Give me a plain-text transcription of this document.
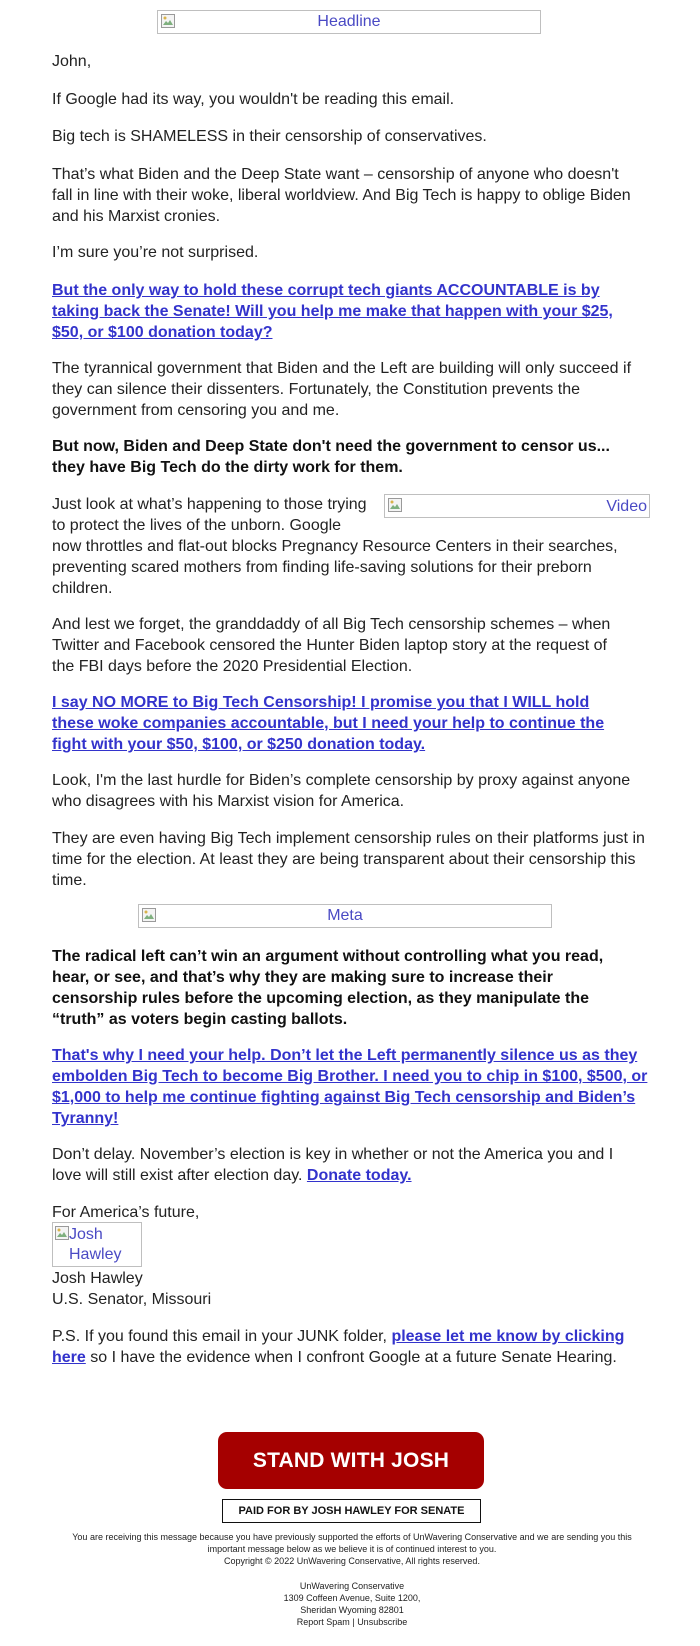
Headline

John,

If Google had its way, you wouldn't be reading this email.

Big tech is SHAMELESS in their censorship of conservatives.

That’s what Biden and the Deep State want – censorship of anyone who doesn't fall in line with their woke, liberal worldview. And Big Tech is happy to oblige Biden and his Marxist cronies.

I’m sure you’re not surprised.

But the only way to hold these corrupt tech giants ACCOUNTABLE is by taking back the Senate! Will you help me make that happen with your $25, $50, or $100 donation today?

The tyrannical government that Biden and the Left are building will only succeed if they can silence their dissenters. Fortunately, the Constitution prevents the government from censoring you and me.

But now, Biden and Deep State don't need the government to censor us... they have Big Tech do the dirty work for them.

Video

Just look at what’s happening to those trying to protect the lives of the unborn. Google now throttles and flat-out blocks Pregnancy Resource Centers in their searches, preventing scared mothers from finding life-saving solutions for their preborn children.

And lest we forget, the granddaddy of all Big Tech censorship schemes – when Twitter and Facebook censored the Hunter Biden laptop story at the request of the FBI days before the 2020 Presidential Election.

I say NO MORE to Big Tech Censorship! I promise you that I WILL hold these woke companies accountable, but I need your help to continue the fight with your $50, $100, or $250 donation today.

Look, I'm the last hurdle for Biden’s complete censorship by proxy against anyone who disagrees with his Marxist vision for America.

They are even having Big Tech implement censorship rules on their platforms just in time for the election. At least they are being transparent about their censorship this time.

Meta

The radical left can’t win an argument without controlling what you read, hear, or see, and that’s why they are making sure to increase their censorship rules before the upcoming election, as they manipulate the “truth” as voters begin casting ballots.

That's why I need your help. Don’t let the Left permanently silence us as they embolden Big Tech to become Big Brother. I need you to chip in $100, $500, or $1,000 to help me continue fighting against Big Tech censorship and Biden’s Tyranny!

Don’t delay. November’s election is key in whether or not the America you and I love will still exist after election day. Donate today.

For America’s future,

Josh Hawley

Josh Hawley

U.S. Senator, Missouri

P.S. If you found this email in your JUNK folder, please let me know by clicking here so I have the evidence when I confront Google at a future Senate Hearing.

STAND WITH JOSH
PAID FOR BY JOSH HAWLEY FOR SENATE
You are receiving this message because you have previously supported the efforts of UnWavering Conservative and we are sending you this important message below as we believe it is of continued interest to you.
Copyright © 2022 UnWavering Conservative, All rights reserved.
UnWavering Conservative
1309 Coffeen Avenue, Suite 1200,
Sheridan Wyoming 82801
Report Spam | Unsubscribe
